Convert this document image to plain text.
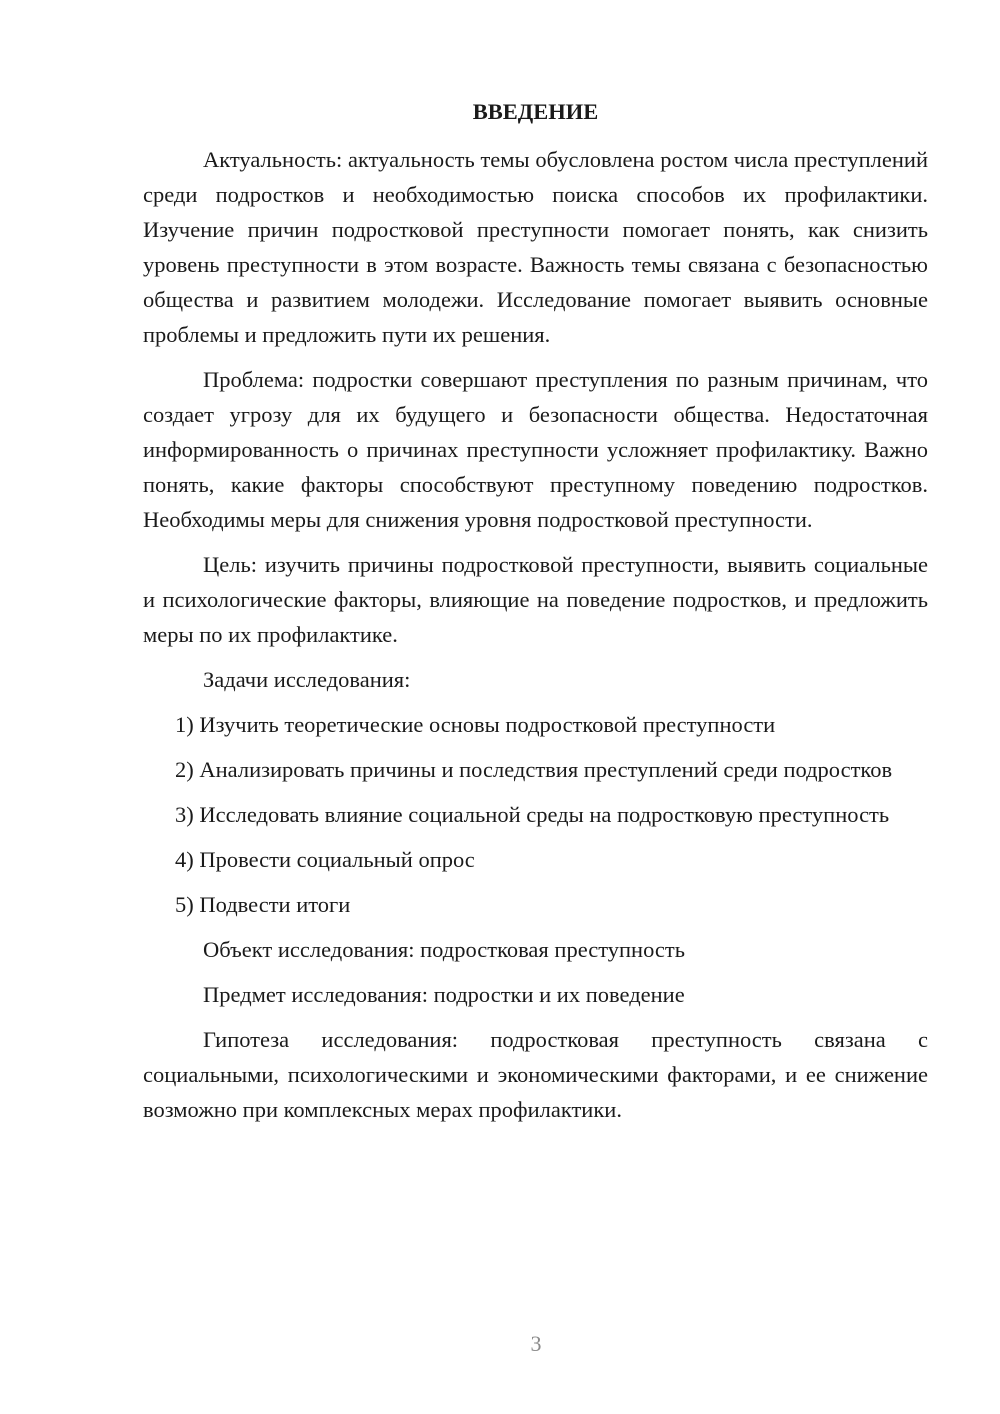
ВВЕДЕНИЕ

Актуальность: актуальность темы обусловлена ростом числа преступлений среди подростков и необходимостью поиска способов их профилактики. Изучение причин подростковой преступности помогает понять, как снизить уровень преступности в этом возрасте. Важность темы связана с безопасностью общества и развитием молодежи. Исследование помогает выявить основные проблемы и предложить пути их решения.

Проблема: подростки совершают преступления по разным причинам, что создает угрозу для их будущего и безопасности общества. Недостаточная информированность о причинах преступности усложняет профилактику. Важно понять, какие факторы способствуют преступному поведению подростков. Необходимы меры для снижения уровня подростковой преступности.

Цель: изучить причины подростковой преступности, выявить социальные и психологические факторы, влияющие на поведение подростков, и предложить меры по их профилактике.

Задачи исследования:

1) Изучить теоретические основы подростковой преступности

2) Анализировать причины и последствия преступлений среди подростков

3) Исследовать влияние социальной среды на подростковую преступность

4) Провести социальный опрос

5) Подвести итоги

Объект исследования: подростковая преступность

Предмет исследования: подростки и их поведение

Гипотеза исследования: подростковая преступность связана с социальными, психологическими и экономическими факторами, и ее снижение возможно при комплексных мерах профилактики.

3
